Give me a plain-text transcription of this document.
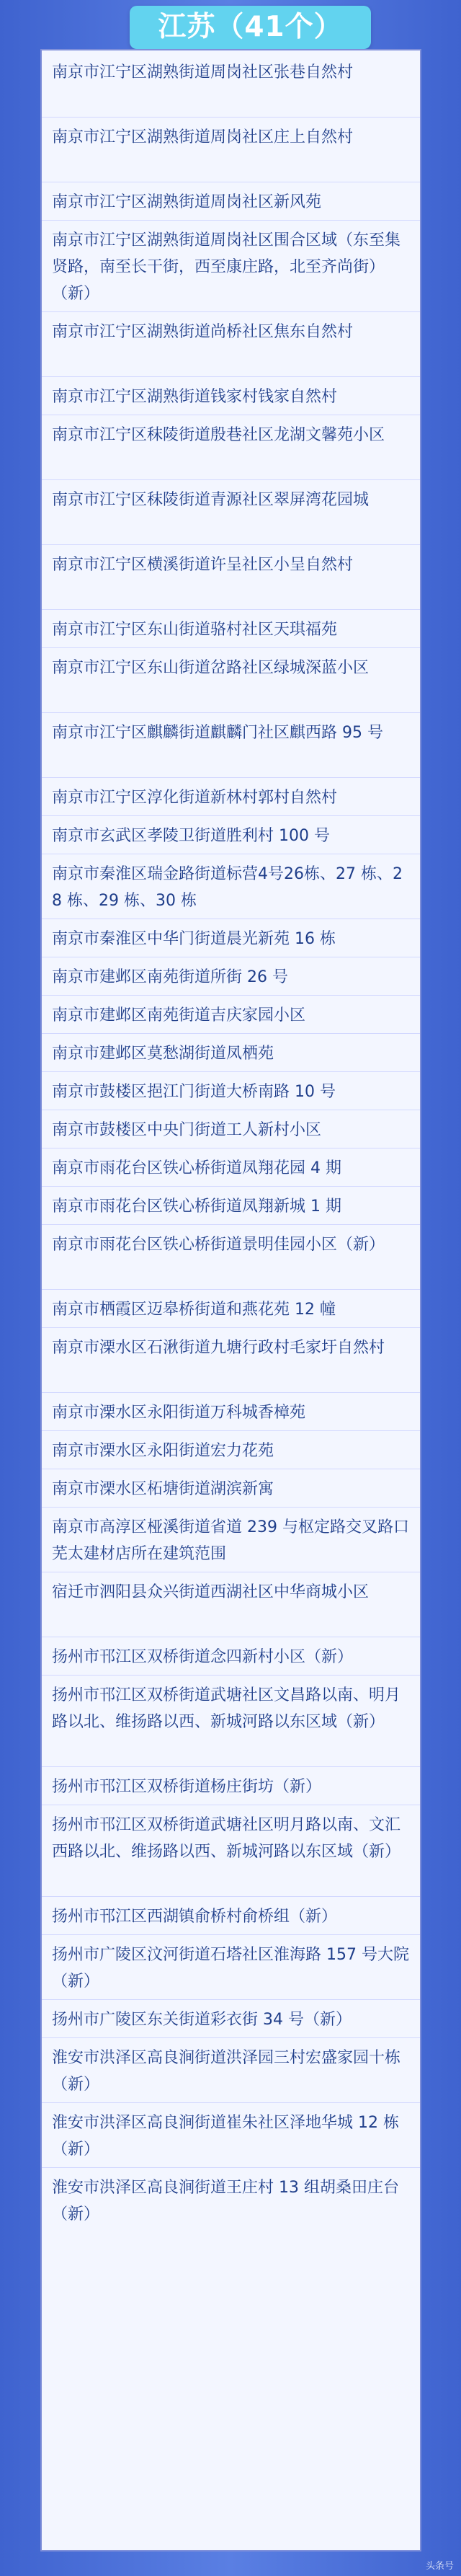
江苏（41个）
南京市江宁区湖熟街道周岗社区张巷自然村
南京市江宁区湖熟街道周岗社区庄上自然村
南京市江宁区湖熟街道周岗社区新风苑
南京市江宁区湖熟街道周岗社区围合区域（东至集贤路，南至长干街，西至康庄路，北至齐尚街）（新）
南京市江宁区湖熟街道尚桥社区焦东自然村
南京市江宁区湖熟街道钱家村钱家自然村
南京市江宁区秣陵街道殷巷社区龙湖文馨苑小区
南京市江宁区秣陵街道青源社区翠屏湾花园城
南京市江宁区横溪街道许呈社区小呈自然村
南京市江宁区东山街道骆村社区天琪福苑
南京市江宁区东山街道岔路社区绿城深蓝小区
南京市江宁区麒麟街道麒麟门社区麒西路 95 号
南京市江宁区淳化街道新林村郭村自然村
南京市玄武区孝陵卫街道胜利村 100 号
南京市秦淮区瑞金路街道标营4号26栋、27 栋、28 栋、29 栋、30 栋
南京市秦淮区中华门街道晨光新苑 16 栋
南京市建邺区南苑街道所街 26 号
南京市建邺区南苑街道吉庆家园小区
南京市建邺区莫愁湖街道凤栖苑
南京市鼓楼区挹江门街道大桥南路 10 号
南京市鼓楼区中央门街道工人新村小区
南京市雨花台区铁心桥街道凤翔花园 4 期
南京市雨花台区铁心桥街道凤翔新城 1 期
南京市雨花台区铁心桥街道景明佳园小区（新）
南京市栖霞区迈皋桥街道和燕花苑 12 幢
南京市溧水区石湫街道九塘行政村毛家圩自然村
南京市溧水区永阳街道万科城香樟苑
南京市溧水区永阳街道宏力花苑
南京市溧水区柘塘街道湖滨新寓
南京市高淳区桠溪街道省道 239 与枢定路交叉路口芜太建材店所在建筑范围
宿迁市泗阳县众兴街道西湖社区中华商城小区
扬州市邗江区双桥街道念四新村小区（新）
扬州市邗江区双桥街道武塘社区文昌路以南、明月路以北、维扬路以西、新城河路以东区域（新）
扬州市邗江区双桥街道杨庄街坊（新）
扬州市邗江区双桥街道武塘社区明月路以南、文汇西路以北、维扬路以西、新城河路以东区域（新）
扬州市邗江区西湖镇俞桥村俞桥组（新）
扬州市广陵区汶河街道石塔社区淮海路 157 号大院（新）
扬州市广陵区东关街道彩衣街 34 号（新）
淮安市洪泽区高良涧街道洪泽园三村宏盛家园十栋（新）
淮安市洪泽区高良涧街道崔朱社区泽地华城 12 栋（新）
淮安市洪泽区高良涧街道王庄村 13 组胡桑田庄台（新）
头条号
